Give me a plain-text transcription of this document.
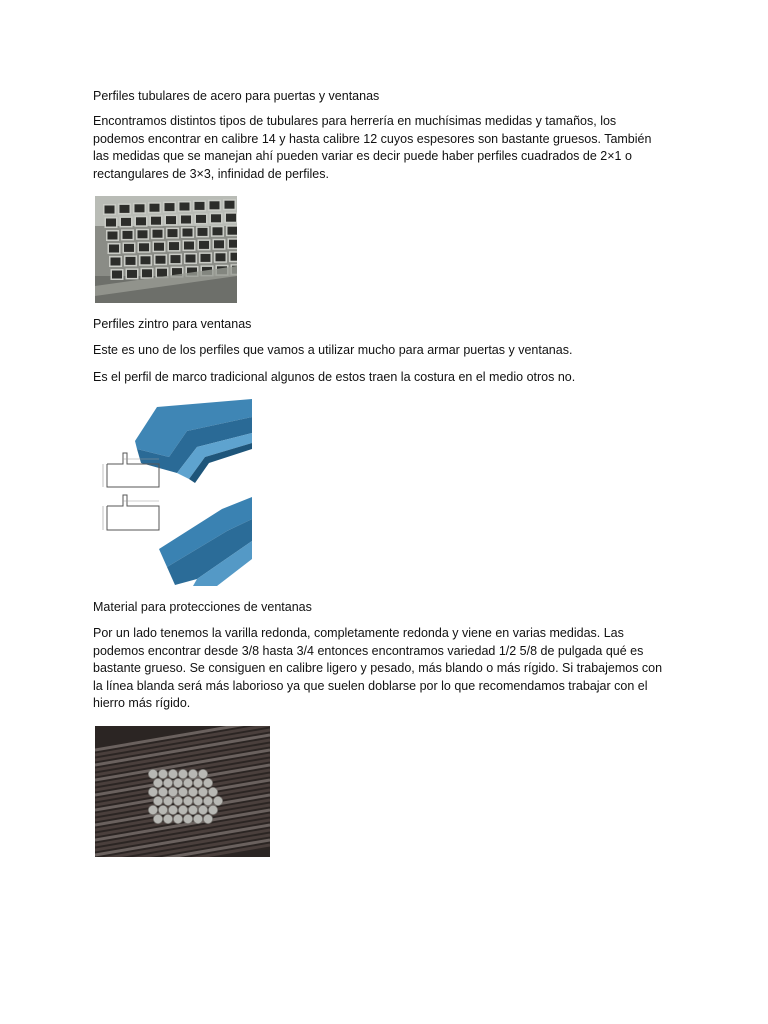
Perfiles tubulares de acero para puertas y ventanas

Encontramos distintos tipos de tubulares para herrería en muchísimas medidas y tamaños, los
podemos encontrar en calibre 14 y hasta calibre 12 cuyos espesores son bastante gruesos. También
las medidas que se manejan ahí pueden variar es decir puede haber perfiles cuadrados de 2×1 o
rectangulares de 3×3, infinidad de perfiles.

Perfiles zintro para ventanas

Este es uno de los perfiles que vamos a utilizar mucho para armar puertas y ventanas.

Es el perfil de marco tradicional algunos de estos traen la costura en el medio otros no.

Material para protecciones de ventanas

Por un lado tenemos la varilla redonda, completamente redonda y viene en varias medidas. Las
podemos encontrar desde 3/8 hasta 3/4 entonces encontramos variedad 1/2 5/8 de pulgada qué es
bastante grueso. Se consiguen en calibre ligero y pesado, más blando o más rígido. Si trabajemos con
la línea blanda será más laborioso ya que suelen doblarse por lo que recomendamos trabajar con el
hierro más rígido.
